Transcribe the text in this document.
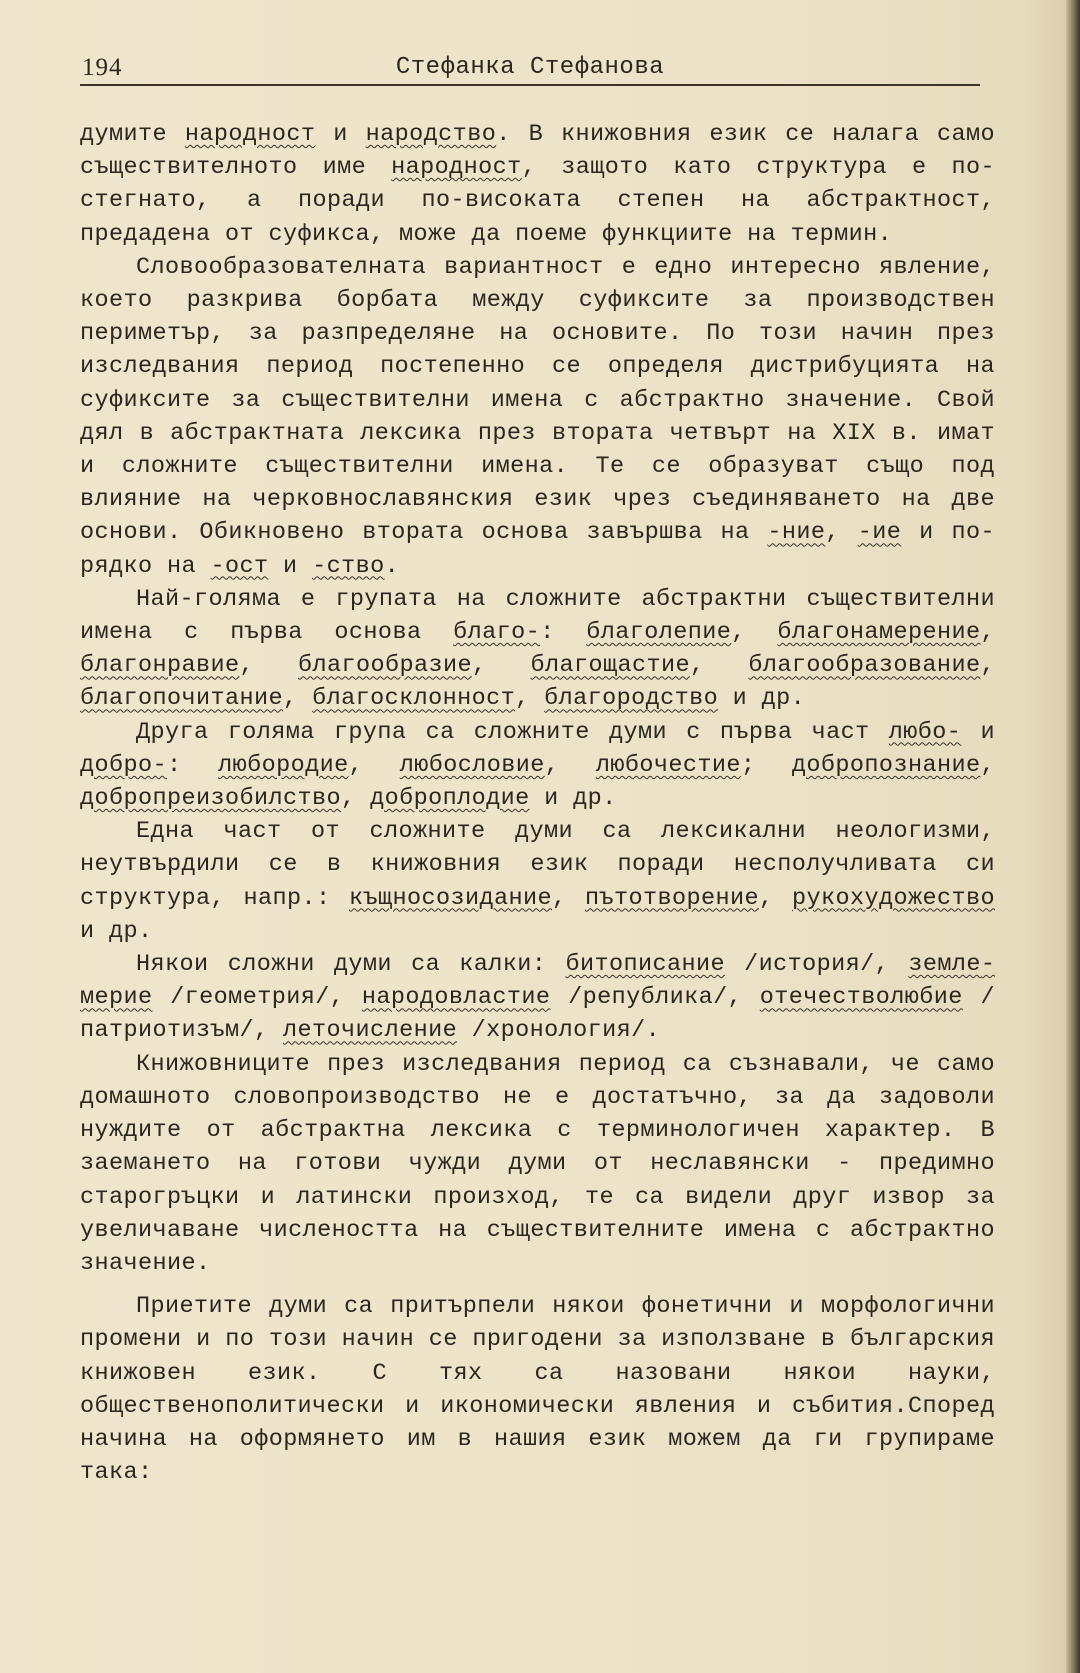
194	Стефанка Стефанова

думите народност и народство. В книжовния език се налага само съществителното име народност, защото като структура е по-стегнато, а поради по-високата степен на абстрактност, предадена от суфикса, може да поеме функциите на термин.

Словообразователната вариантност е едно интересно явление, което разкрива борбата между суфиксите за производствен периметър, за разпределяне на основите. По този начин през изследвания период постепенно се определя дистрибуцията на суфиксите за съществителни имена с абстрактно значение. Свой дял в абстрактната лексика през втората четвърт на XIX в. имат и сложните съществителни имена. Те се образуват също под влияние на черковнославянския език чрез съединяването на две основи. Обикновено втората основа завършва на -ние, -ие и по-рядко на -ост и -ство.

Най-голяма е групата на сложните абстрактни съществителни имена с първа основа благо-: благолепие, благонамерение, благонравие, благообразие, благощастие, благообразование, благопочитание, благосклонност, благородство и др.

Друга голяма група са сложните думи с първа част любо- и добро-: любородие, любословие, любочестие; добропознание, добропреизобилство, доброплодие и др.

Една част от сложните думи са лексикални неологизми, неутвърдили се в книжовния език поради несполучливата си структура, напр.: къщносозидание, пътотворение, рукохудожество и др.

Някои сложни думи са калки: битописание /история/, землемерие /геометрия/, народовластие /република/, отечестволюбие /патриотизъм/, леточисление /хронология/.

Книжовниците през изследвания период са съзнавали, че само домашното словопроизводство не е достатъчно, за да задоволи нуждите от абстрактна лексика с терминологичен характер. В заемането на готови чужди думи от неславянски - предимно старогръцки и латински произход, те са видели друг извор за увеличаване числеността на съществителните имена с абстрактно значение.

Приетите думи са притърпели някои фонетични и морфологични промени и по този начин се пригодени за използване в българския книжовен език. С тях са назовани някои науки, общественополитически и икономически явления и събития.Според начина на оформянето им в нашия език можем да ги групираме така:
